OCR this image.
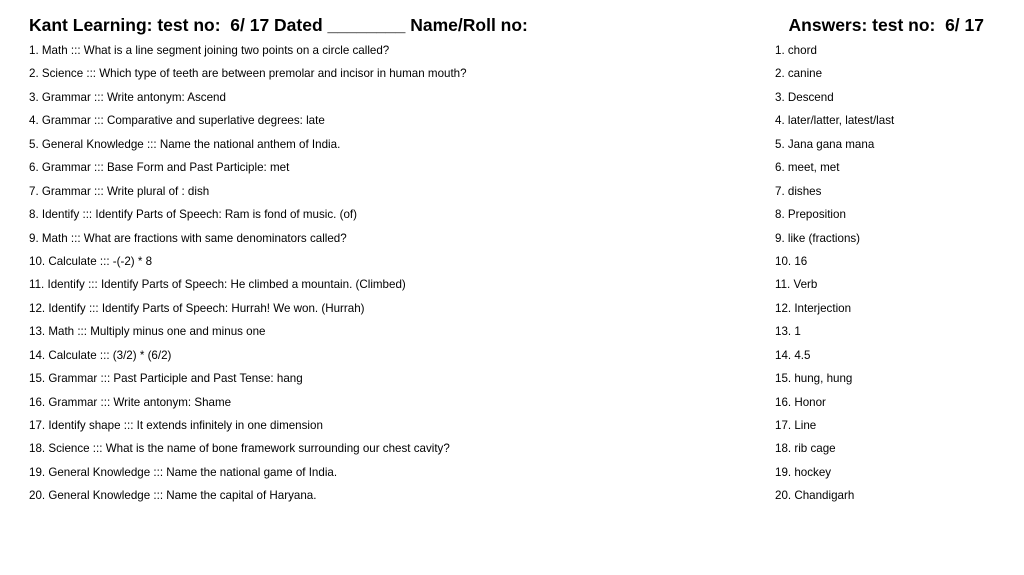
Kant Learning: test no:  6/ 17 Dated ________ Name/Roll no:	Answers: test no:  6/ 17
1. Math ::: What is a line segment joining two points on a circle called?
2. Science ::: Which type of teeth are between premolar and incisor in human mouth?
3. Grammar ::: Write antonym: Ascend
4. Grammar ::: Comparative and superlative degrees: late
5. General Knowledge ::: Name the national anthem of India.
6. Grammar ::: Base Form and Past Participle: met
7. Grammar ::: Write plural of : dish
8. Identify ::: Identify Parts of Speech: Ram is fond of music. (of)
9. Math ::: What are fractions with same denominators called?
10. Calculate ::: -(-2) * 8
11. Identify ::: Identify Parts of Speech: He climbed a mountain. (Climbed)
12. Identify ::: Identify Parts of Speech: Hurrah! We won. (Hurrah)
13. Math ::: Multiply minus one and minus one
14. Calculate ::: (3/2) * (6/2)
15. Grammar ::: Past Participle and Past Tense: hang
16. Grammar ::: Write antonym: Shame
17. Identify shape ::: It extends infinitely in one dimension
18. Science ::: What is the name of bone framework surrounding our chest cavity?
19. General Knowledge ::: Name the national game of India.
20. General Knowledge ::: Name the capital of Haryana.
1. chord
2. canine
3. Descend
4. later/latter, latest/last
5. Jana gana mana
6. meet, met
7. dishes
8. Preposition
9. like (fractions)
10. 16
11. Verb
12. Interjection
13. 1
14. 4.5
15. hung, hung
16. Honor
17. Line
18. rib cage
19. hockey
20. Chandigarh
